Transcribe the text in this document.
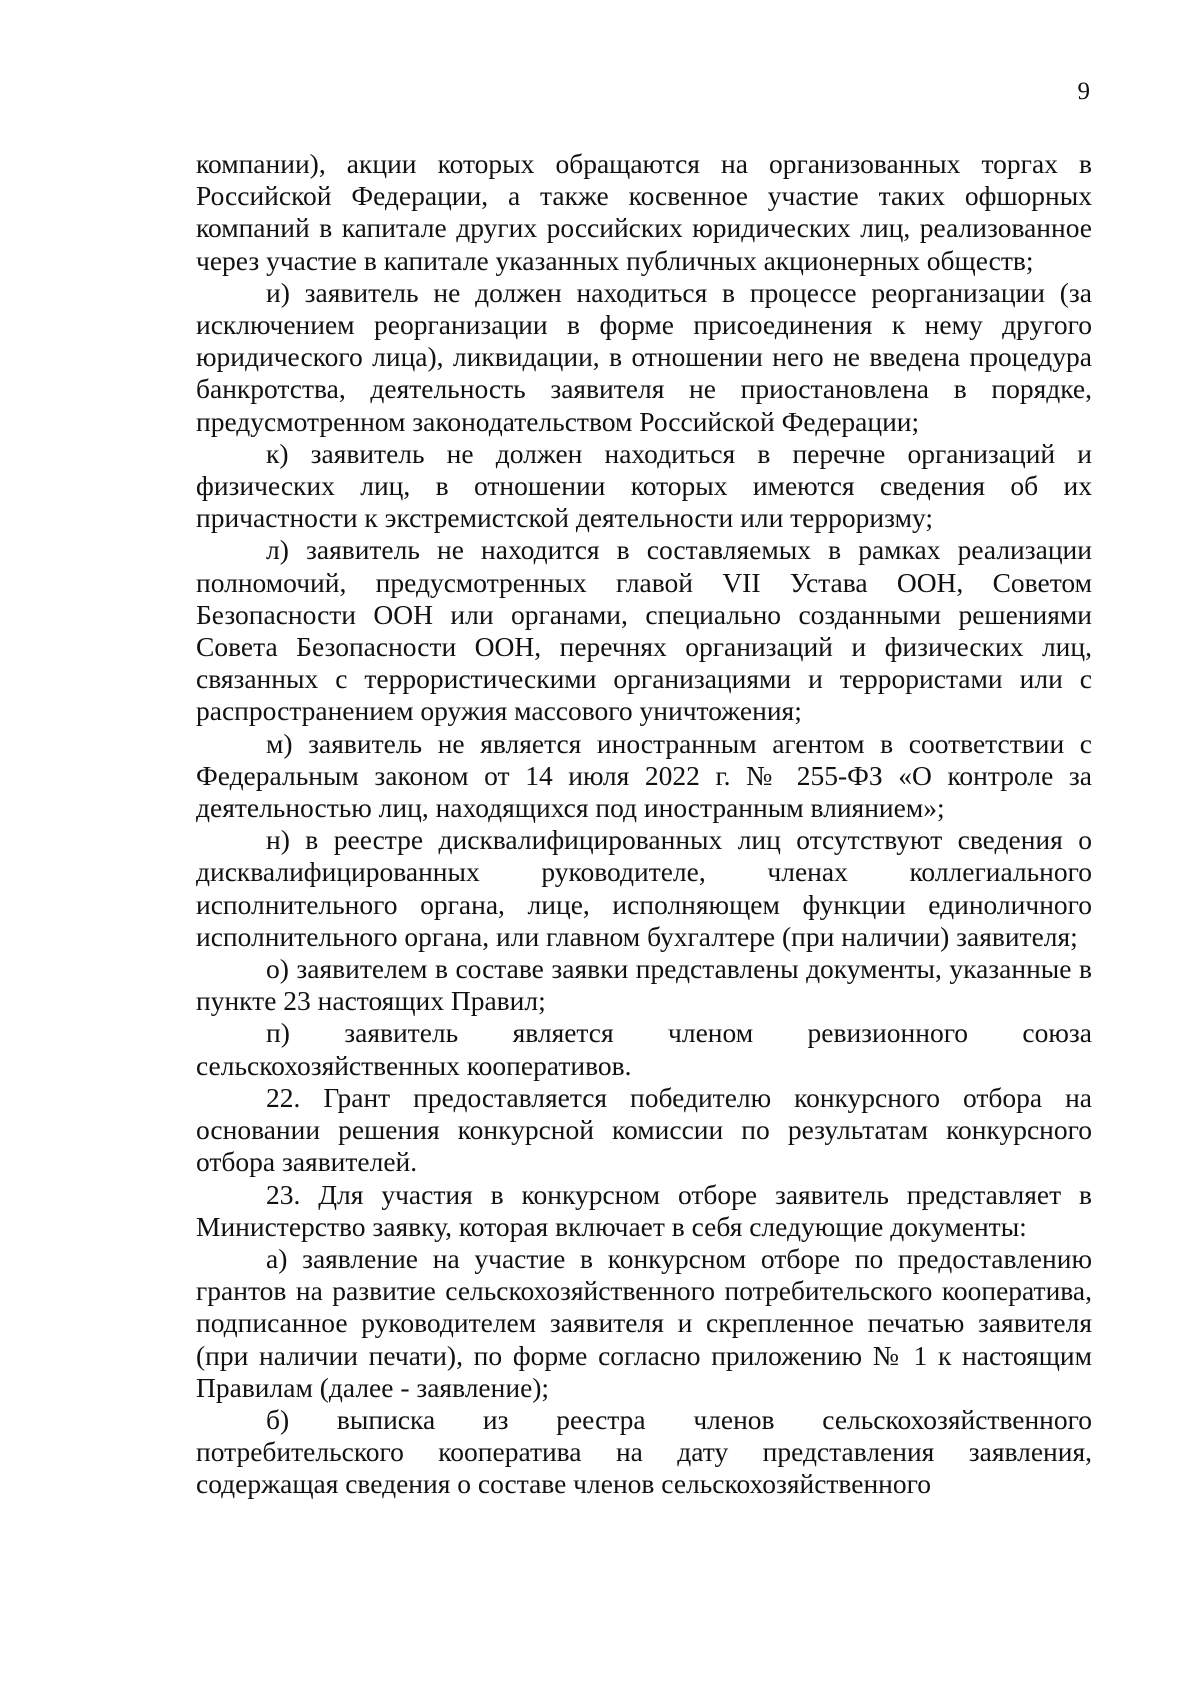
9

компании), акции которых обращаются на организованных торгах в Российской Федерации, а также косвенное участие таких офшорных компаний в капитале других российских юридических лиц, реализованное через участие в капитале указанных публичных акционерных обществ;

и) заявитель не должен находиться в процессе реорганизации (за исключением реорганизации в форме присоединения к нему другого юридического лица), ликвидации, в отношении него не введена процедура банкротства, деятельность заявителя не приостановлена в порядке, предусмотренном законодательством Российской Федерации;

к) заявитель не должен находиться в перечне организаций и физических лиц, в отношении которых имеются сведения об их причастности к экстремистской деятельности или терроризму;

л) заявитель не находится в составляемых в рамках реализации полномочий, предусмотренных главой VII Устава ООН, Советом Безопасности ООН или органами, специально созданными решениями Совета Безопасности ООН, перечнях организаций и физических лиц, связанных с террористическими организациями и террористами или с распространением оружия массового уничтожения;

м) заявитель не является иностранным агентом в соответствии с Федеральным законом от 14 июля 2022 г. № 255-ФЗ «О контроле за деятельностью лиц, находящихся под иностранным влиянием»;

н) в реестре дисквалифицированных лиц отсутствуют сведения о дисквалифицированных руководителе, членах коллегиального исполнительного органа, лице, исполняющем функции единоличного исполнительного органа, или главном бухгалтере (при наличии) заявителя;

о) заявителем в составе заявки представлены документы, указанные в пункте 23 настоящих Правил;

п) заявитель является членом ревизионного союза сельскохозяйственных кооперативов.

22. Грант предоставляется победителю конкурсного отбора на основании решения конкурсной комиссии по результатам конкурсного отбора заявителей.

23. Для участия в конкурсном отборе заявитель представляет в Министерство заявку, которая включает в себя следующие документы:

а) заявление на участие в конкурсном отборе по предоставлению грантов на развитие сельскохозяйственного потребительского кооператива, подписанное руководителем заявителя и скрепленное печатью заявителя (при наличии печати), по форме согласно приложению № 1 к настоящим Правилам (далее - заявление);

б) выписка из реестра членов сельскохозяйственного потребительского кооператива на дату представления заявления, содержащая сведения о составе членов сельскохозяйственного
